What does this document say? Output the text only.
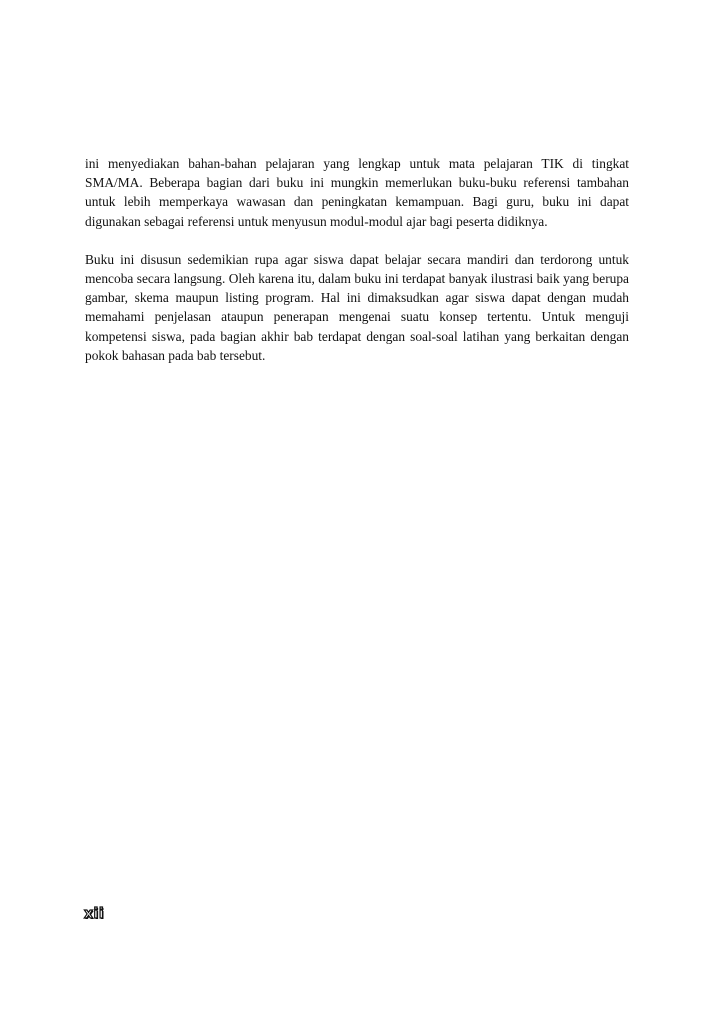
ini menyediakan bahan-bahan pelajaran yang lengkap untuk mata pelajaran TIK di tingkat SMA/MA. Beberapa bagian dari buku ini mungkin memerlukan buku-buku referensi tambahan untuk lebih memperkaya wawasan dan peningkatan kemampuan. Bagi guru, buku ini dapat digunakan sebagai referensi untuk menyusun modul-modul ajar bagi peserta didiknya.

Buku ini disusun sedemikian rupa agar siswa dapat belajar secara mandiri dan terdorong untuk mencoba secara langsung. Oleh karena itu, dalam buku ini terdapat banyak ilustrasi baik yang berupa gambar, skema maupun listing program. Hal ini dimaksudkan agar siswa dapat dengan mudah memahami penjelasan ataupun penerapan mengenai suatu konsep tertentu. Untuk menguji kompetensi siswa, pada bagian akhir bab terdapat dengan soal-soal latihan yang berkaitan dengan pokok bahasan pada bab tersebut.

xii
